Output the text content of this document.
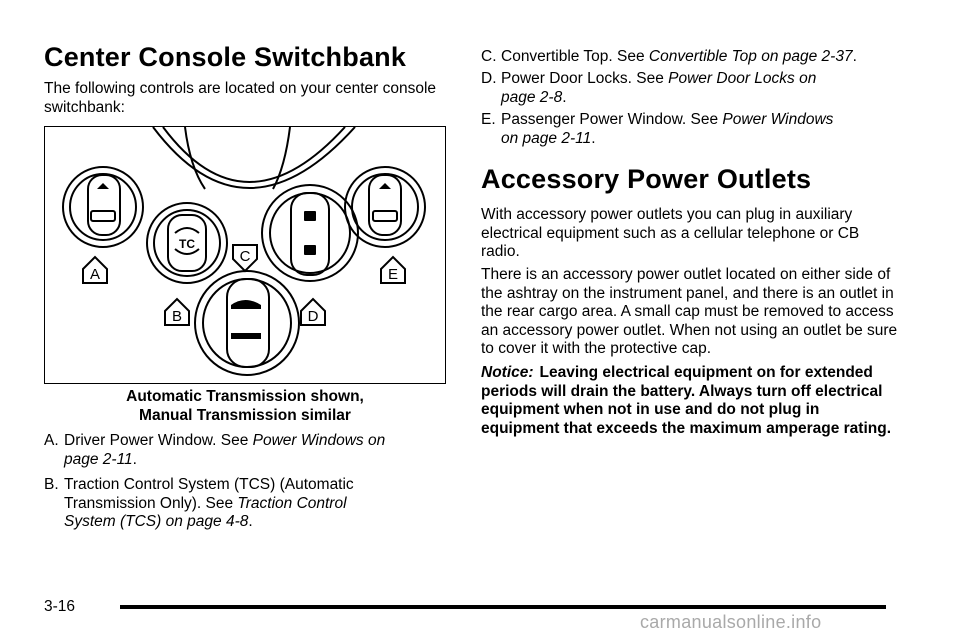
Center Console Switchbank

The following controls are located on your center console switchbank:

TC
A	E
C
B	D
Automatic Transmission shown,
Manual Transmission similar
A. Driver Power Window. See Power Windows on
page 2-11.
B. Traction Control System (TCS) (Automatic
Transmission Only). See Traction Control
System (TCS) on page 4-8.
C. Convertible Top. See Convertible Top on page 2-37.
D. Power Door Locks. See Power Door Locks on
page 2-8.
E. Passenger Power Window. See Power Windows
on page 2-11.
Accessory Power Outlets

With accessory power outlets you can plug in auxiliary electrical equipment such as a cellular telephone or CB radio.

There is an accessory power outlet located on either side of the ashtray on the instrument panel, and there is an outlet in the rear cargo area. A small cap must be removed to access an accessory power outlet. When not using an outlet be sure to cover it with the protective cap.

Notice: Leaving electrical equipment on for extended periods will drain the battery. Always turn off electrical equipment when not in use and do not plug in equipment that exceeds the maximum amperage rating.

3-16
carmanualsonline.info
